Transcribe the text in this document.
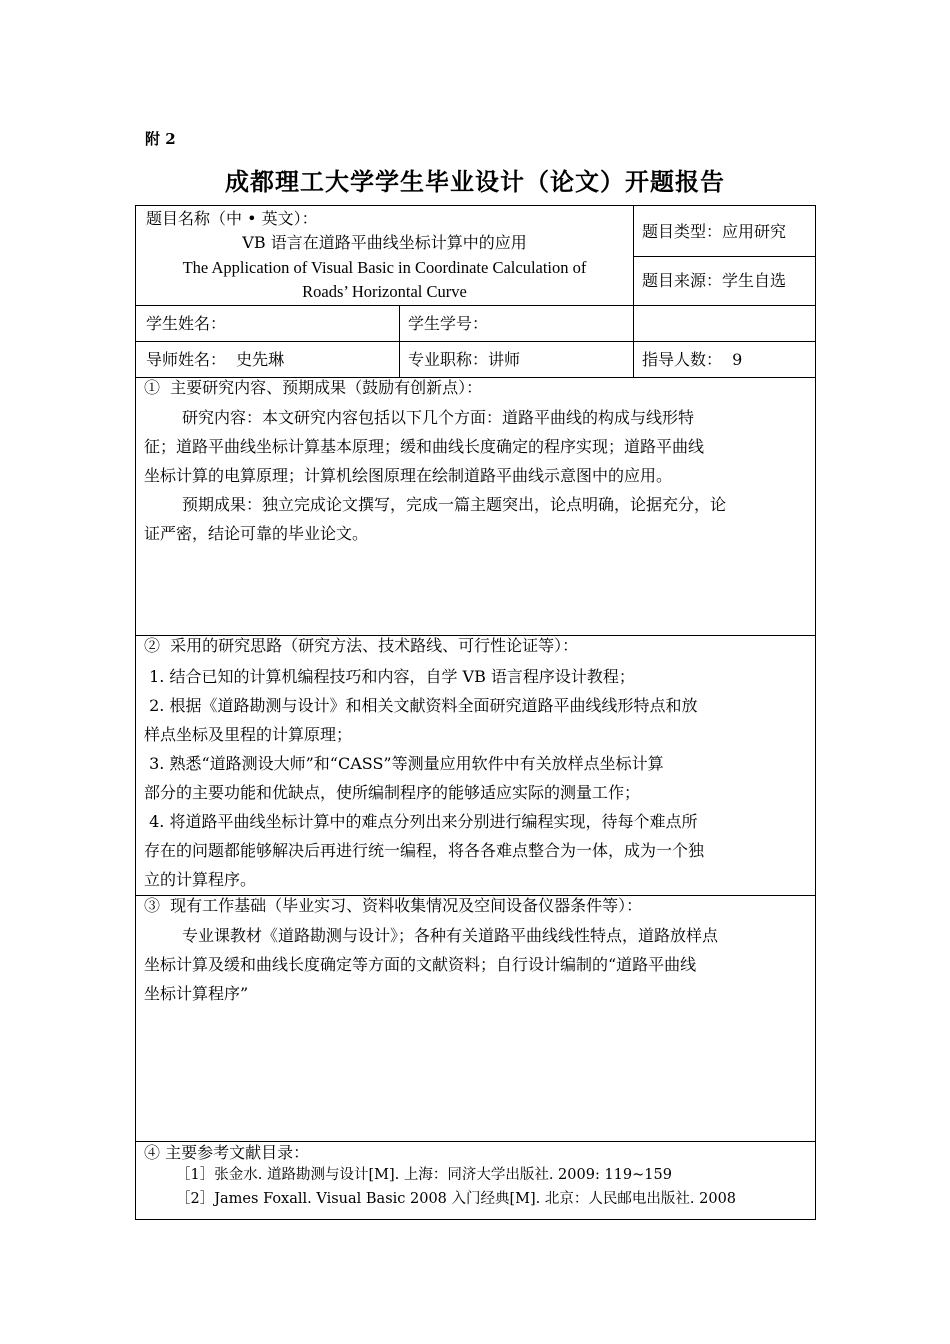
附 2
成都理工大学学生毕业设计（论文）开题报告
题目名称（中 • 英文）：
VB 语言在道路平曲线坐标计算中的应用
The Application of Visual Basic in Coordinate Calculation of
Roads’ Horizontal Curve
题目类型：应用研究
题目来源：学生自选
学生姓名：	学生学号：
导师姓名：  史先琳	专业职称：讲师	指导人数：  9
①  主要研究内容、预期成果（鼓励有创新点）：
研究内容：本文研究内容包括以下几个方面：道路平曲线的构成与线形特
征；道路平曲线坐标计算基本原理；缓和曲线长度确定的程序实现；道路平曲线
坐标计算的电算原理；计算机绘图原理在绘制道路平曲线示意图中的应用。
预期成果：独立完成论文撰写，完成一篇主题突出，论点明确，论据充分，论
证严密，结论可靠的毕业论文。
②  采用的研究思路（研究方法、技术路线、可行性论证等）：
1. 结合已知的计算机编程技巧和内容，自学 VB 语言程序设计教程；
2. 根据《道路勘测与设计》和相关文献资料全面研究道路平曲线线形特点和放
样点坐标及里程的计算原理；
3. 熟悉“道路测设大师”和“CASS”等测量应用软件中有关放样点坐标计算
部分的主要功能和优缺点，使所编制程序的能够适应实际的测量工作；
4. 将道路平曲线坐标计算中的难点分列出来分别进行编程实现，待每个难点所
存在的问题都能够解决后再进行统一编程，将各各难点整合为一体，成为一个独
立的计算程序。
③  现有工作基础（毕业实习、资料收集情况及空间设备仪器条件等）：
专业课教材《道路勘测与设计》；各种有关道路平曲线线性特点，道路放样点
坐标计算及缓和曲线长度确定等方面的文献资料；自行设计编制的“道路平曲线
坐标计算程序”
④ 主要参考文献目录：
［1］张金水. 道路勘测与设计[M]. 上海：同济大学出版社. 2009: 119~159
［2］James Foxall. Visual Basic 2008 入门经典[M]. 北京：人民邮电出版社. 2008
